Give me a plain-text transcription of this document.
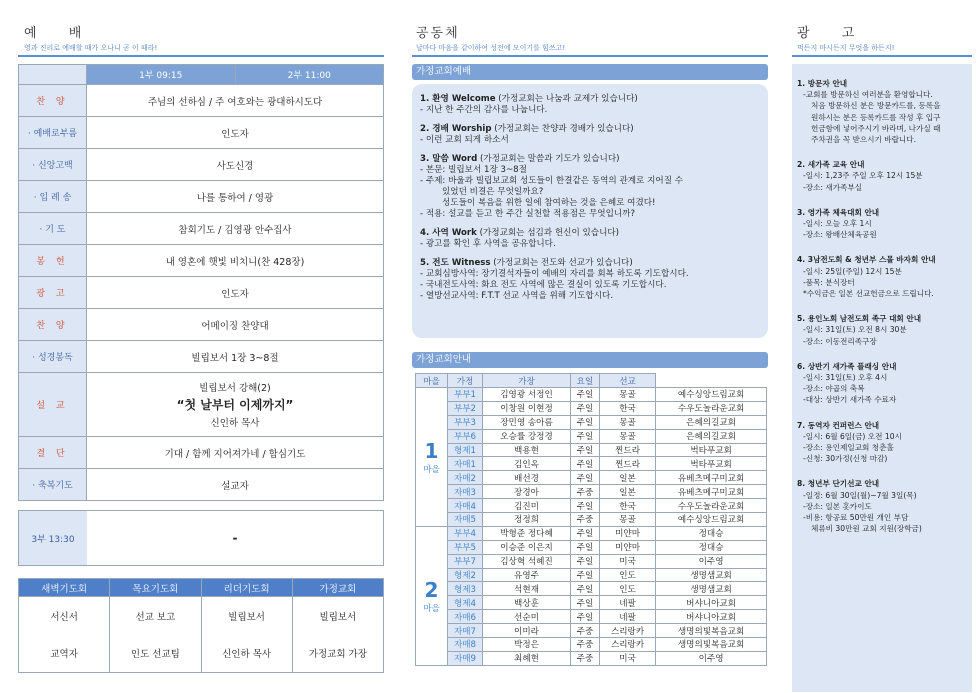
예 배
영과 진리로 예배할 때가 오나니 곧 이 때라!
공동체
날마다 마음을 같이하여 성전에 모이기를 힘쓰고!
광 고
먹든지 마시든지 무엇을 하든지!
	1부 09:15	2부 11:00
찬 양	주님의 선하심 / 주 여호와는 광대하시도다	
· 예배로부름	인도자	
· 신앙고백	사도신경	
· 입 례 송	나를 통하여 / 영광	
· 기 도	참회기도 / 김영광 안수집사	
봉 헌	내 영혼에 햇빛 비치니(찬 428장)	
광 고	인도자	
찬 양	어메이징 찬양대	
· 성경봉독	빌립보서 1장 3~8절	
설 교	빌립보서 강해(2)
“첫 날부터 이제까지”
신인하 목사	

결 단	기대 / 함께 지어져가네 / 합심기도	
· 축복기도	설교자	
3부 13:30	-
새벽기도회	목요기도회	리더기도회	가정교회
서신서	선교 보고	빌립보서	빌립보서
교역자	인도 선교팀	신인하 목사	가정교회 가장
가정교회예배
1. 환영 Welcome (가정교회는 나눔과 교제가 있습니다)
- 지난 한 주간의 감사를 나눕니다.
2. 경배 Worship (가정교회는 찬양과 경배가 있습니다)
- 이런 교회 되게 하소서
3. 말씀 Word (가정교회는 말씀과 기도가 있습니다)
- 본문: 빌립보서 1장 3~8절
- 주제: 바울과 빌립보교회 성도들이 한결같은 동역의 관계로 지어질 수
있었던 비결은 무엇일까요?
성도들이 복음을 위한 일에 참여하는 것을 은혜로 여겼다!
- 적용: 설교를 듣고 한 주간 실천할 적용점은 무엇입니까?
4. 사역 Work (가정교회는 섬김과 헌신이 있습니다)
- 광고를 확인 후 사역을 공유합니다.
5. 전도 Witness (가정교회는 전도와 선교가 있습니다)
- 교회심방사역: 장기결석자들이 예배의 자리를 회복 하도록 기도합시다.
- 국내전도사역: 화요 전도 사역에 많은 결실이 있도록 기도합시다.
- 열방선교사역: F.T.T 선교 사역을 위해 기도합시다.
가정교회안내
마을	가정	가장	요일	선교	

1
마을	부부1	김영광 서정인	주일	몽골	예수싱앙드림교회
	부부2	이창원 이현정	주일	한국	수우도놀라운교회
	부부3	장민영 송아름	주일	몽골	은혜의길교회
	부부6	오승률 강정경	주일	몽골	은혜의길교회
	형제1	백용현	주일	찐드라	벅타푸교회
	자매1	김인옥	주일	찐드라	벅타푸교회
	자매2	배선경	주일	일본	유베츠메구미교회
	자매3	장경아	주중	일본	유베츠메구미교회
	자매4	김진미	주일	한국	수우도놀라운교회
	자매5	정정희	주중	몽골	예수싱앙드림교회

2
마을	부부4	박형준 정다혜	주일	미얀마	정대승
	부부5	이승준 이은지	주일	미얀마	정대승
	부부7	김상혁 석혜진	주일	미국	이주영
	형제2	유영주	주일	인도	생명샘교회
	형제3	석현재	주일	인도	생명샘교회
	형제4	백상훈	주일	네팔	버샤니아교회
	자매6	선순미	주일	네팔	버샤니아교회
	자매7	이미라	주중	스리랑카	생명의빛복음교회
	자매8	박정은	주중	스리랑카	생명의빛복음교회
	자매9	최혜현	주중	미국	이주영
1. 방문자 안내
-교회를 방문하신 여러분을 환영합니다.
처음 방문하신 분은 방문카드를, 등록을
원하시는 분은 등록카드를 작성 후 입구
헌금함에 넣어주시기 바라며, 나가실 때
주차권을 꼭 받으시기 바랍니다.
2. 새가족 교육 안내
-일시: 1,23주 주일 오후 12시 15분
-장소: 새가족부실
3. 영가족 체육대회 안내
-일시: 오늘 오후 1시
-장소: 왕배산체육공원
4. 3남전도회 & 청년부 스몰 바자회 안내
-일시: 25일(주일) 12시 15분
-품목: 분식장터
*수익금은 일본 선교헌금으로 드립니다.
5. 용인노회 남전도회 족구 대회 안내
-일시: 31일(토) 오전 8시 30분
-장소: 이동전리족구장
6. 상반기 새가족 플래싱 안내
-일시: 31일(토) 오후 4시
-장소: 야곱의 축복
-대상: 상반기 새가족 수료자
7. 동역자 컨퍼런스 안내
-일시: 6월 6일(금) 오전 10시
-장소: 용인제일교회 청춘홀
-신청: 30가정(신청 마감)
8. 청년부 단기선교 안내
-일정: 6월 30일(월)~7월 3일(목)
-장소: 일본 홋카이도
-비용: 항공료 50만원 개인 부담
체류비 30만원 교회 지원(장학금)
